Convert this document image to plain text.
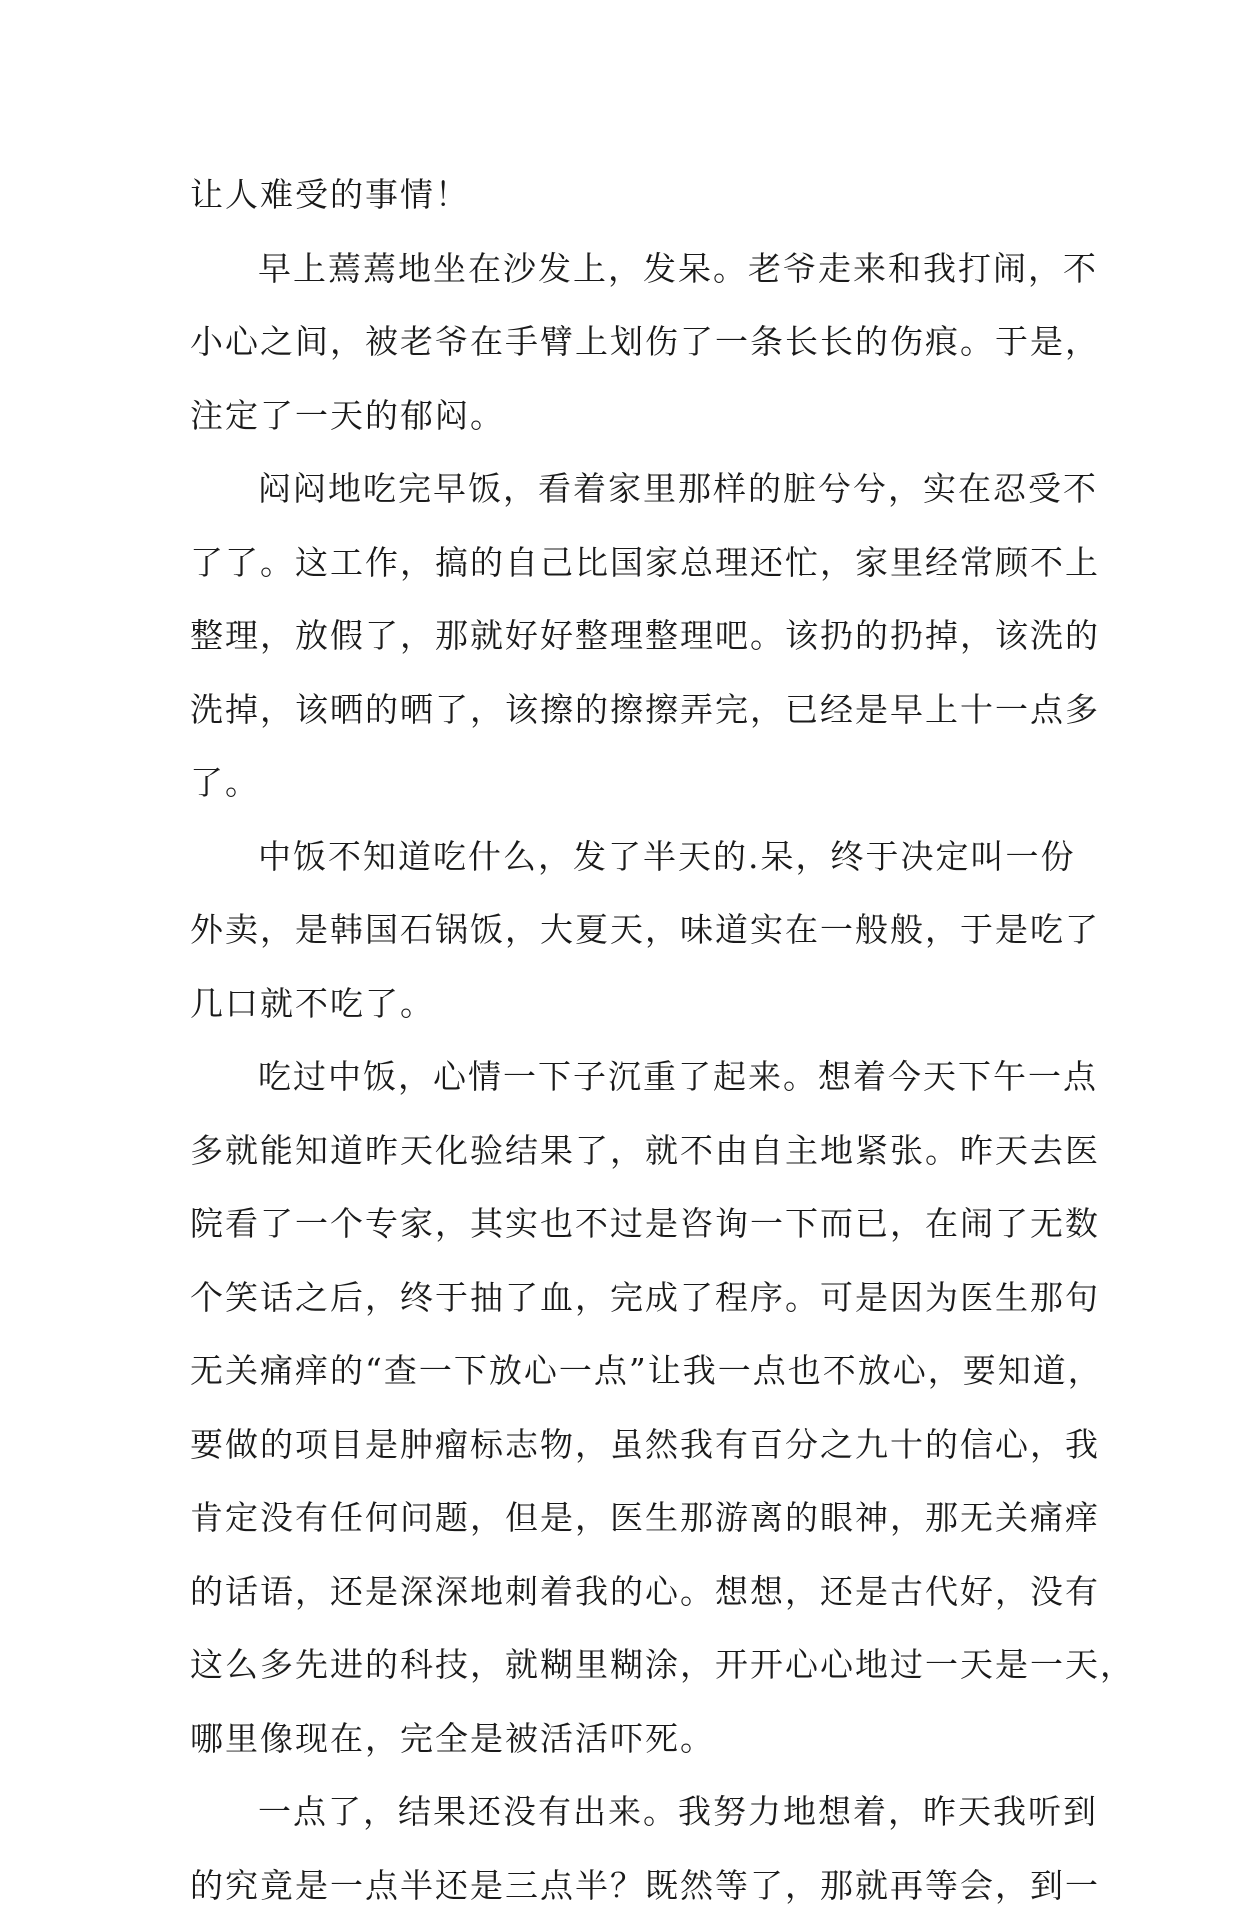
让人难受的事情！
早上蔫蔫地坐在沙发上，发呆。老爷走来和我打闹，不
小心之间，被老爷在手臂上划伤了一条长长的伤痕。于是，
注定了一天的郁闷。
闷闷地吃完早饭，看着家里那样的脏兮兮，实在忍受不
了了。这工作，搞的自己比国家总理还忙，家里经常顾不上
整理，放假了，那就好好整理整理吧。该扔的扔掉，该洗的
洗掉，该晒的晒了，该擦的擦擦弄完，已经是早上十一点多
了。
中饭不知道吃什么，发了半天的.呆，终于决定叫一份
外卖，是韩国石锅饭，大夏天，味道实在一般般，于是吃了
几口就不吃了。
吃过中饭，心情一下子沉重了起来。想着今天下午一点
多就能知道昨天化验结果了，就不由自主地紧张。昨天去医
院看了一个专家，其实也不过是咨询一下而已，在闹了无数
个笑话之后，终于抽了血，完成了程序。可是因为医生那句
无关痛痒的“查一下放心一点”让我一点也不放心，要知道，
要做的项目是肿瘤标志物，虽然我有百分之九十的信心，我
肯定没有任何问题，但是，医生那游离的眼神，那无关痛痒
的话语，还是深深地刺着我的心。想想，还是古代好，没有
这么多先进的科技，就糊里糊涂，开开心心地过一天是一天，
哪里像现在，完全是被活活吓死。
一点了，结果还没有出来。我努力地想着，昨天我听到
的究竟是一点半还是三点半？既然等了，那就再等会，到一
